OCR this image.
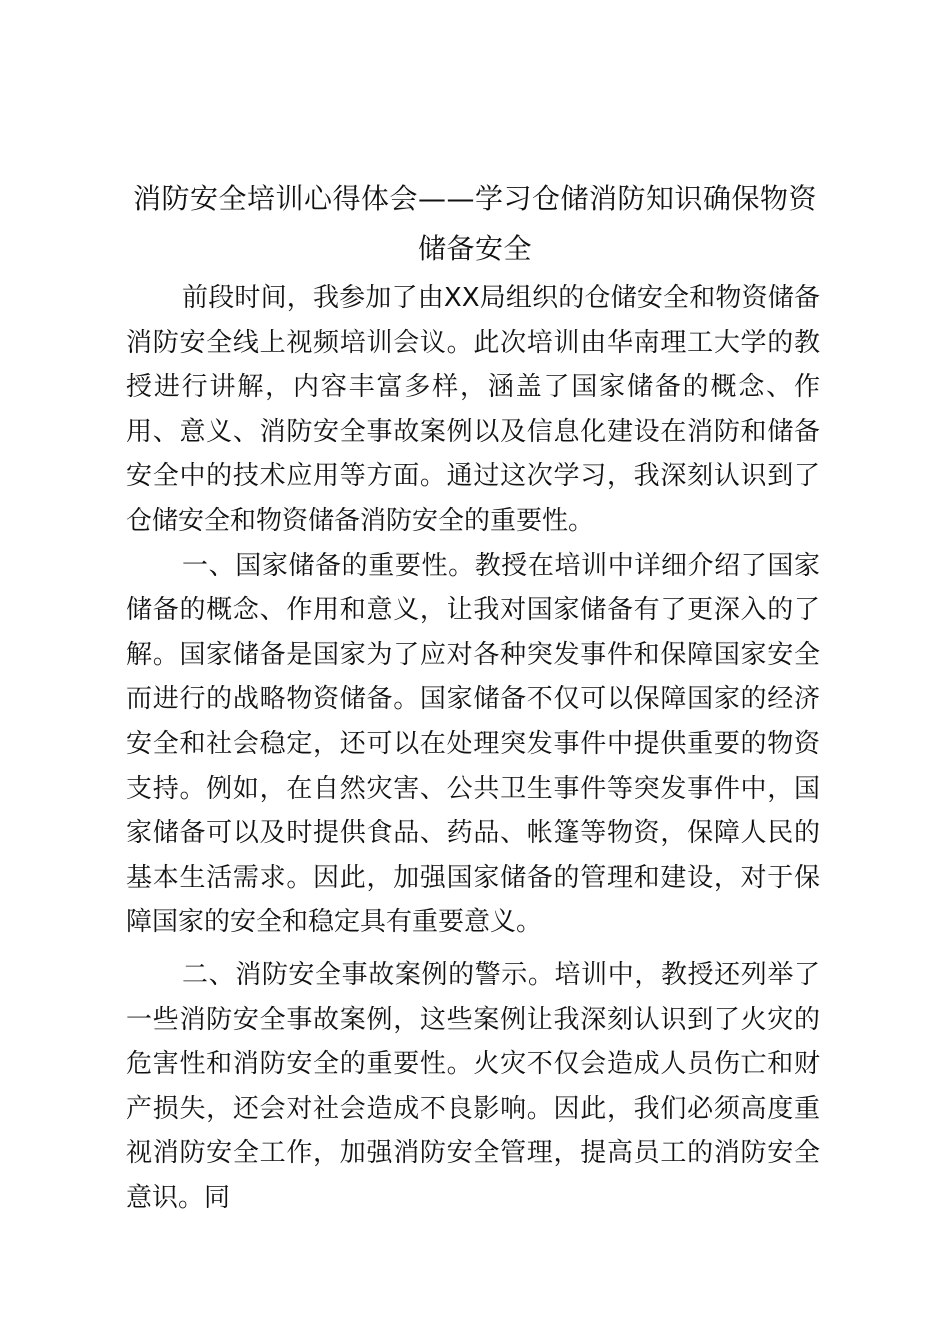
消防安全培训心得体会——学习仓储消防知识确保物资储备安全

前段时间，我参加了由XX局组织的仓储安全和物资储备消防安全线上视频培训会议。此次培训由华南理工大学的教授进行讲解，内容丰富多样，涵盖了国家储备的概念、作用、意义、消防安全事故案例以及信息化建设在消防和储备安全中的技术应用等方面。通过这次学习，我深刻认识到了仓储安全和物资储备消防安全的重要性。

一、国家储备的重要性。教授在培训中详细介绍了国家储备的概念、作用和意义，让我对国家储备有了更深入的了解。国家储备是国家为了应对各种突发事件和保障国家安全而进行的战略物资储备。国家储备不仅可以保障国家的经济安全和社会稳定，还可以在处理突发事件中提供重要的物资支持。例如，在自然灾害、公共卫生事件等突发事件中，国家储备可以及时提供食品、药品、帐篷等物资，保障人民的基本生活需求。因此，加强国家储备的管理和建设，对于保障国家的安全和稳定具有重要意义。

二、消防安全事故案例的警示。培训中，教授还列举了一些消防安全事故案例，这些案例让我深刻认识到了火灾的危害性和消防安全的重要性。火灾不仅会造成人员伤亡和财产损失，还会对社会造成不良影响。因此，我们必须高度重视消防安全工作，加强消防安全管理，提高员工的消防安全意识。同
